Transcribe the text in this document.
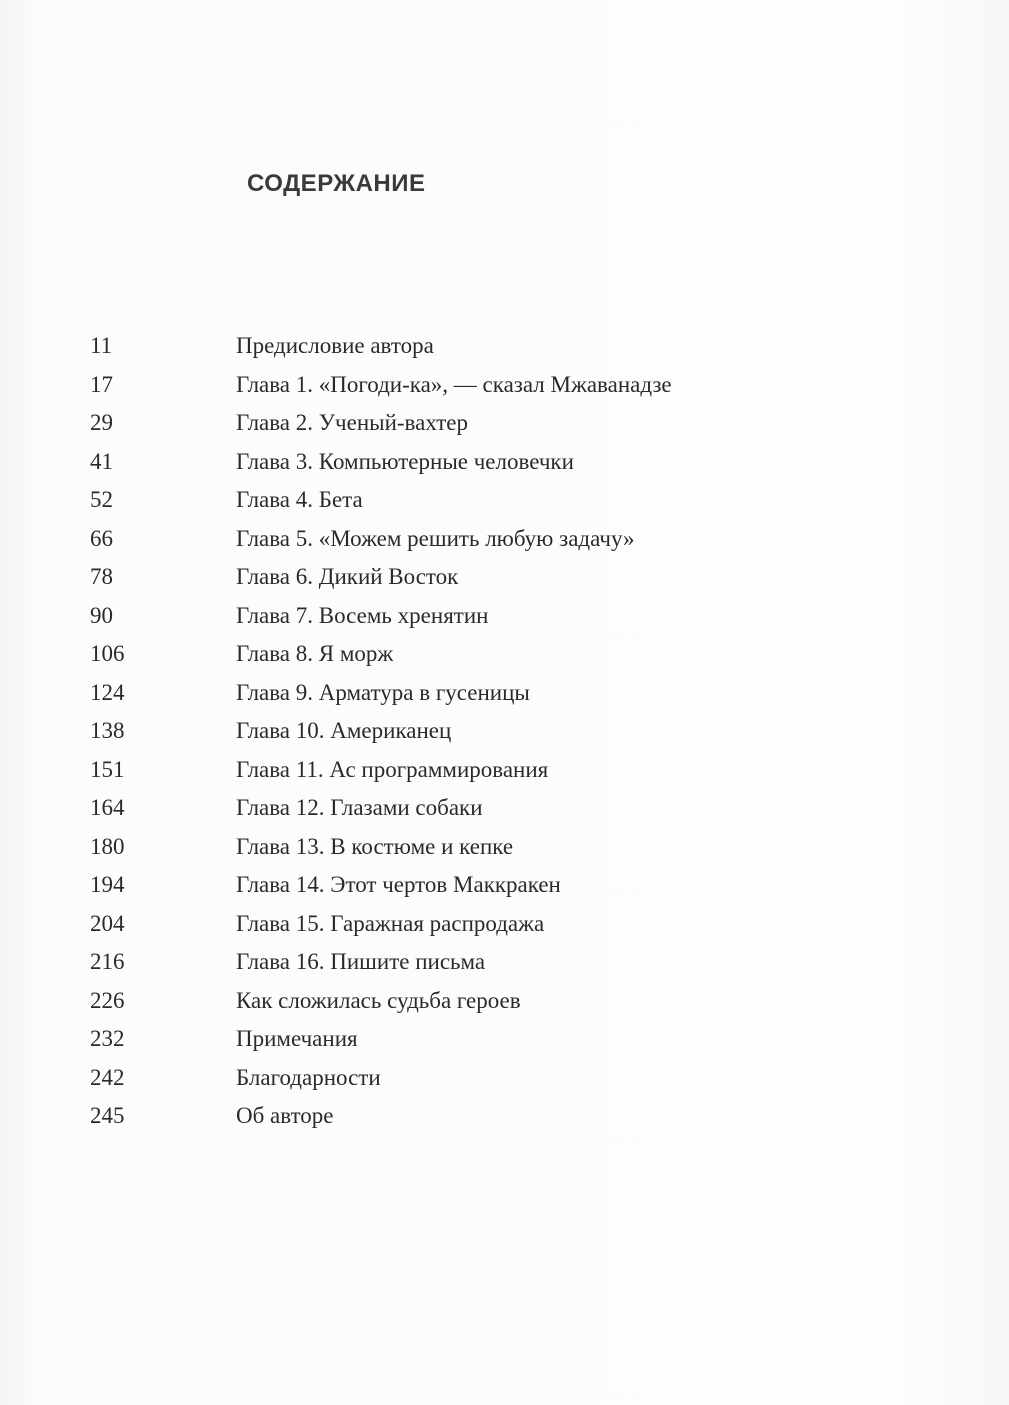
СОДЕРЖАНИЕ
11	Предисловие автора
17	Глава 1. «Погоди-ка», — сказал Мжаванадзе
29	Глава 2. Ученый-вахтер
41	Глава 3. Компьютерные человечки
52	Глава 4. Бета
66	Глава 5. «Можем решить любую задачу»
78	Глава 6. Дикий Восток
90	Глава 7. Восемь хренятин
106	Глава 8. Я морж
124	Глава 9. Арматура в гусеницы
138	Глава 10. Американец
151	Глава 11. Ас программирования
164	Глава 12. Глазами собаки
180	Глава 13. В костюме и кепке
194	Глава 14. Этот чертов Маккракен
204	Глава 15. Гаражная распродажа
216	Глава 16. Пишите письма
226	Как сложилась судьба героев
232	Примечания
242	Благодарности
245	Об авторе
